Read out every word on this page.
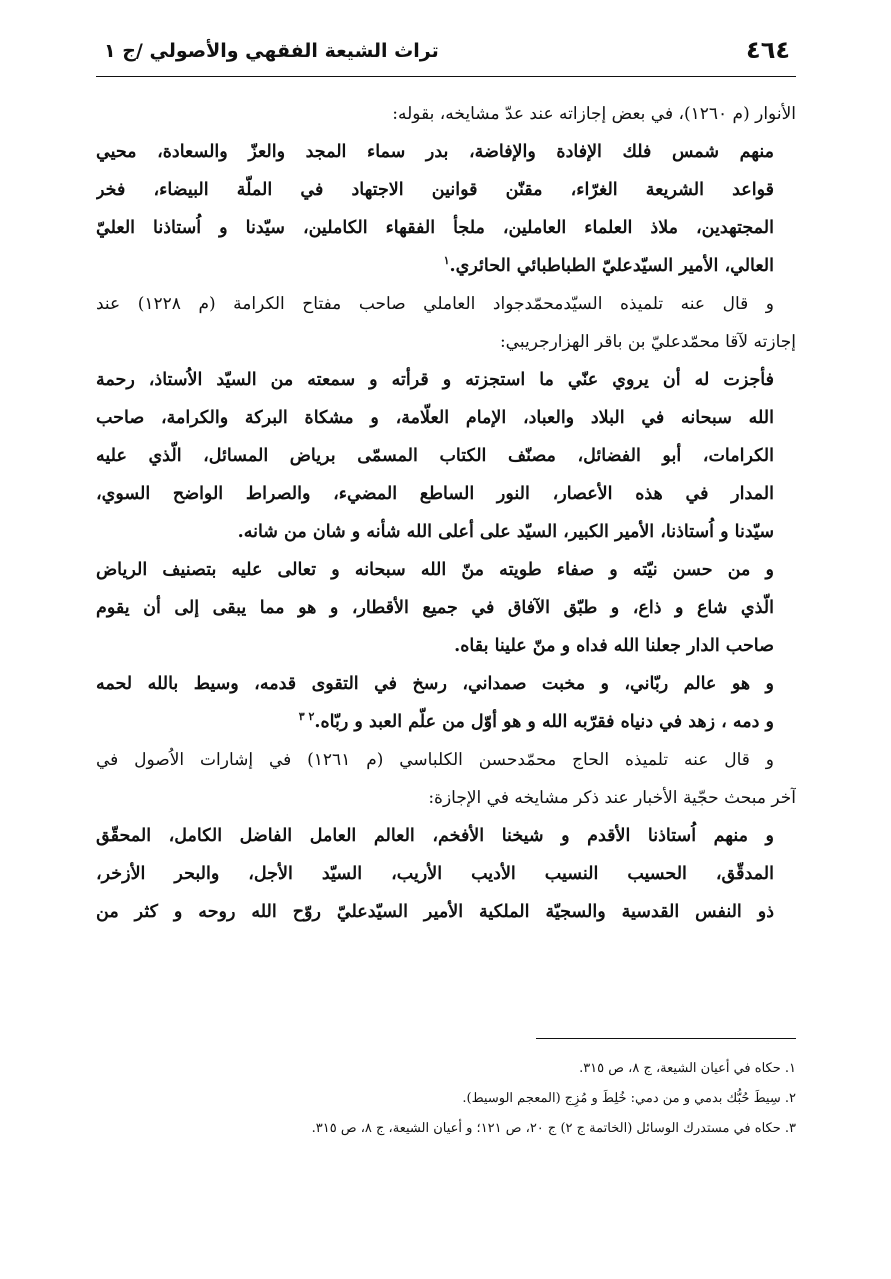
٤٦٤
تراث الشيعة الفقهي والأصولي /ج ١
الأنوار (م ١٢٦٠)، في بعض إجازاته عند عدّ مشايخه، بقوله:
منهم شمس فلك الإفادة والإفاضة، بدر سماء المجد والعزّ والسعادة، محيي
قواعد الشريعة الغرّاء، مقنّن قوانين الاجتهاد في الملّة البيضاء، فخر
المجتهدين، ملاذ العلماء العاملين، ملجأ الفقهاء الكاملين، سيّدنا و اُستاذنا العليّ
العالي، الأمير السيّدعليّ الطباطبائي الحائري.$^١$
و قال عنه تلميذه السيّدمحمّدجواد العاملي صاحب مفتاح الكرامة (م ١٢٢٨) عند
إجازته لآقا محمّدعليّ بن باقر الهزارجريبي:
فأجزت له أن يروي عنّي ما استجزته و قرأته و سمعته من السيّد الاُستاذ، رحمة
الله سبحانه في البلاد والعباد، الإمام العلّامة، و مشكاة البركة والكرامة، صاحب
الكرامات، أبو الفضائل، مصنّف الكتاب المسمّى برياض المسائل، الّذي عليه
المدار في هذه الأعصار، النور الساطع المضيء، والصراط الواضح السوي،
سيّدنا و اُستاذنا، الأمير الكبير، السيّد على أعلى الله شأنه و شان من شانه.
و من حسن نيّته و صفاء طويته منّ الله سبحانه و تعالى عليه بتصنيف الرياض
الّذي شاع و ذاع، و طبّق الآفاق في جميع الأقطار، و هو مما يبقى إلى أن يقوم
صاحب الدار جعلنا الله فداه و منّ علينا بقاه.
و هو عالم ربّاني، و مخبت صمداني، رسخ في التقوى قدمه، وسيط بالله لحمه
و دمه ، زهد في دنياه فقرّبه الله و هو أوّل من علّم العبد و ربّاه.$^{٢ ٣}$
و قال عنه تلميذه الحاج محمّدحسن الكلباسي (م ١٢٦١) في إشارات الاُصول في
آخر مبحث حجّية الأخبار عند ذكر مشايخه في الإجازة:
و منهم اُستاذنا الأقدم و شيخنا الأفخم، العالم العامل الفاضل الكامل، المحقّق
المدقّق، الحسيب النسيب الأديب الأريب، السيّد الأجل، والبحر الأزخر،
ذو النفس القدسية والسجيّة الملكية الأمير السيّدعليّ روّح الله روحه و كثر من
١. حكاه في أعيان الشيعة، ج ٨، ص ٣١٥.
٢. سِيطَ حُبُّك بدمي و من دمي: خُلِطَ و مُزِج (المعجم الوسيط).
٣. حكاه في مستدرك الوسائل (الخاتمة ج ٢) ج ٢٠، ص ١٢١؛ و أعيان الشيعة، ج ٨، ص ٣١٥.
